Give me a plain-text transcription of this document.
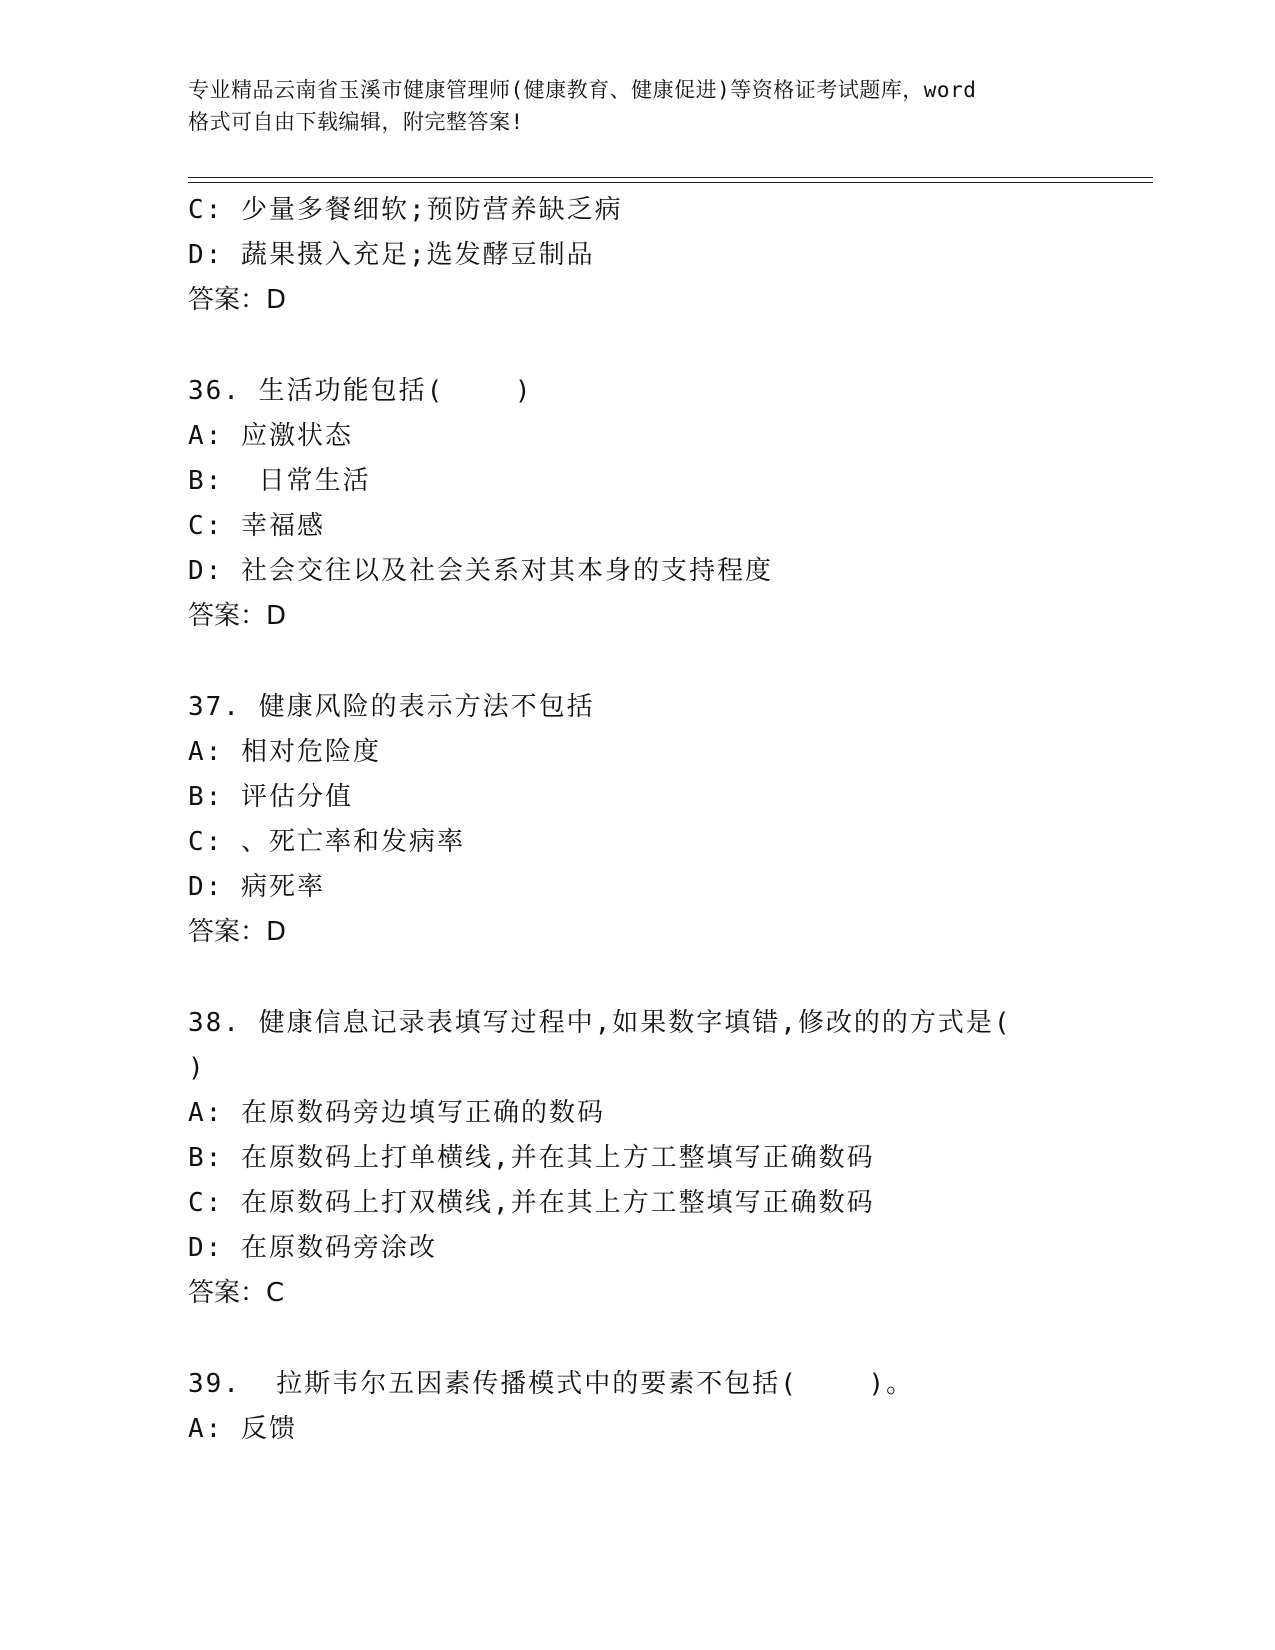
专业精品云南省玉溪市健康管理师(健康教育、健康促进)等资格证考试题库，word
格式可自由下载编辑，附完整答案!
C: 少量多餐细软;预防营养缺乏病
D: 蔬果摄入充足;选发酵豆制品
答案：D
36. 生活功能包括(    )
A: 应激状态
B:  日常生活
C: 幸福感
D: 社会交往以及社会关系对其本身的支持程度
答案：D
37. 健康风险的表示方法不包括
A: 相对危险度
B: 评估分值
C: 、死亡率和发病率
D: 病死率
答案：D
38. 健康信息记录表填写过程中,如果数字填错,修改的的方式是(
)
A: 在原数码旁边填写正确的数码
B: 在原数码上打单横线,并在其上方工整填写正确数码
C: 在原数码上打双横线,并在其上方工整填写正确数码
D: 在原数码旁涂改
答案：C
39.  拉斯韦尔五因素传播模式中的要素不包括(    )。
A: 反馈
